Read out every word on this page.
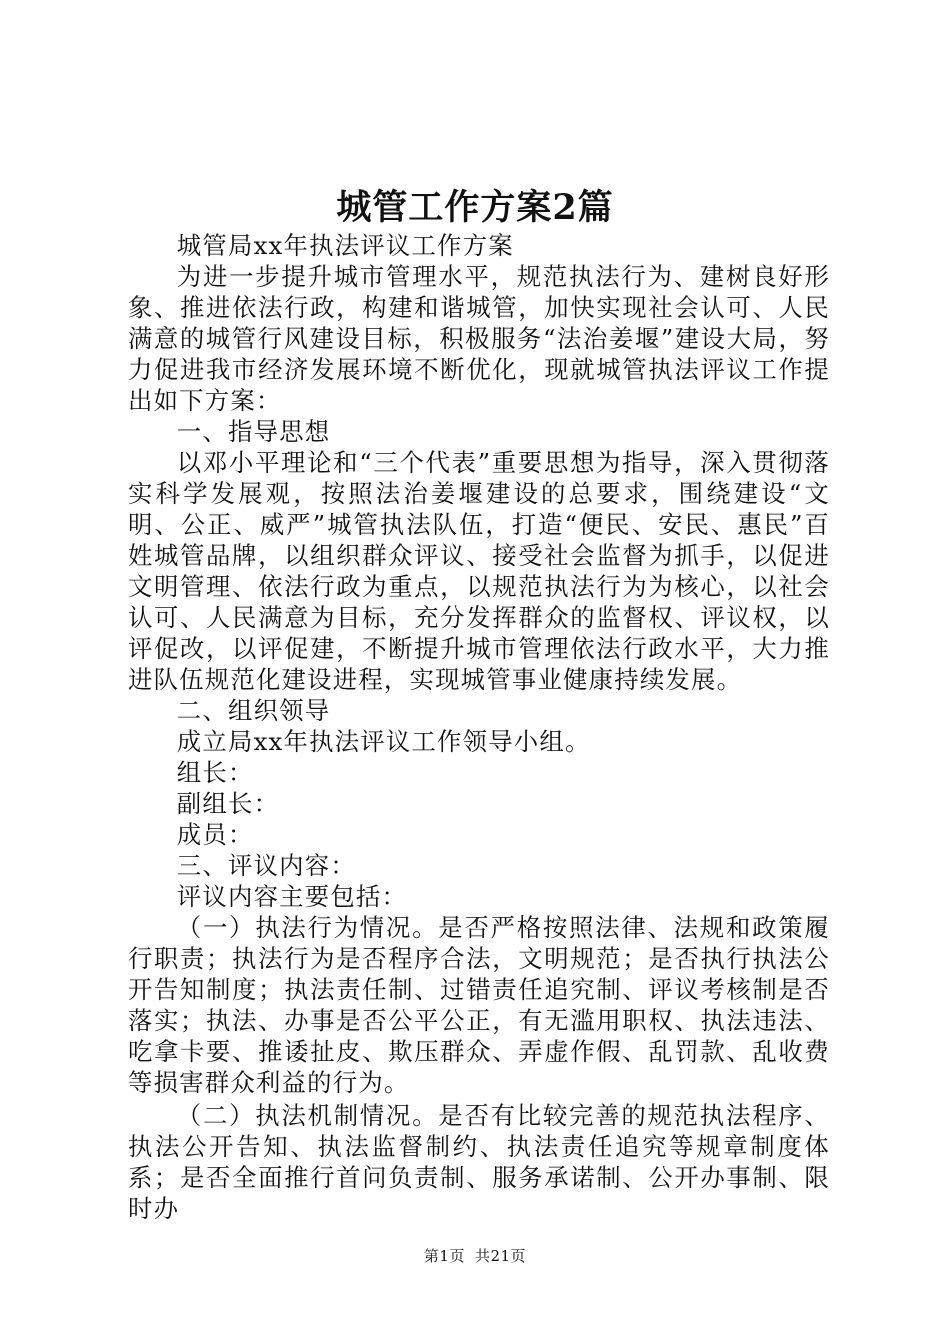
城管工作方案2篇

城管局xx年执法评议工作方案

为进一步提升城市管理水平，规范执法行为、建树良好形象、推进依法行政，构建和谐城管，加快实现社会认可、人民满意的城管行风建设目标，积极服务“法治姜堰”建设大局，努力促进我市经济发展环境不断优化，现就城管执法评议工作提出如下方案：

一、指导思想

以邓小平理论和“三个代表”重要思想为指导，深入贯彻落实科学发展观，按照法治姜堰建设的总要求，围绕建设“文明、公正、威严”城管执法队伍，打造“便民、安民、惠民”百姓城管品牌，以组织群众评议、接受社会监督为抓手，以促进文明管理、依法行政为重点，以规范执法行为为核心，以社会认可、人民满意为目标，充分发挥群众的监督权、评议权，以评促改，以评促建，不断提升城市管理依法行政水平，大力推进队伍规范化建设进程，实现城管事业健康持续发展。

二、组织领导

成立局xx年执法评议工作领导小组。

组长：

副组长：

成员：

三、评议内容：

评议内容主要包括：

（一）执法行为情况。是否严格按照法律、法规和政策履行职责；执法行为是否程序合法，文明规范；是否执行执法公开告知制度；执法责任制、过错责任追究制、评议考核制是否落实；执法、办事是否公平公正，有无滥用职权、执法违法、吃拿卡要、推诿扯皮、欺压群众、弄虚作假、乱罚款、乱收费等损害群众利益的行为。

（二）执法机制情况。是否有比较完善的规范执法程序、执法公开告知、执法监督制约、执法责任追究等规章制度体系；是否全面推行首问负责制、服务承诺制、公开办事制、限时办

第1页 共21页
